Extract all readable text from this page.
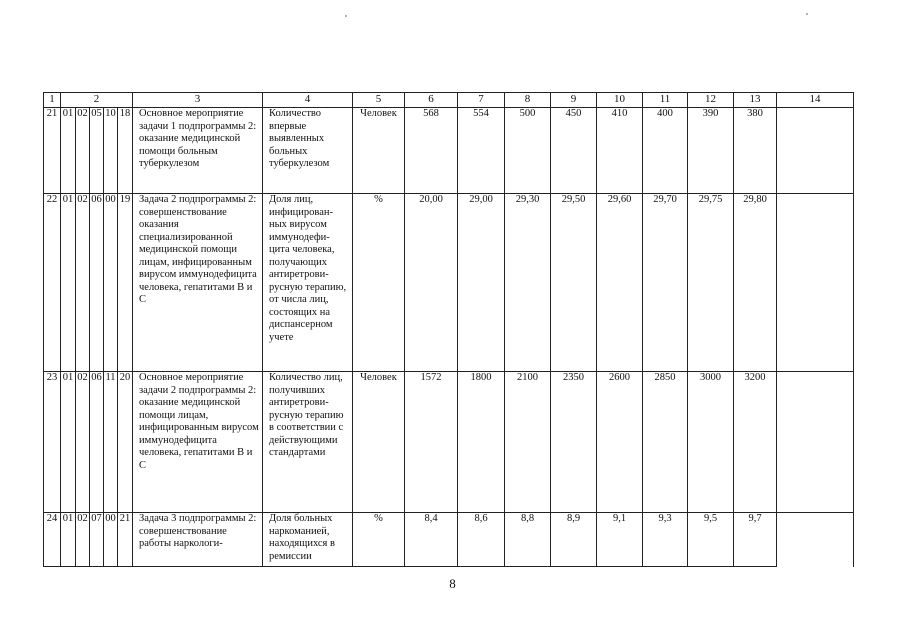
1	2					3	4	5	6	7	8	9	10	11	12	13	14
21	01	02	05	10	18	Основное мероприятие задачи 1 подпрограммы 2: оказание медицинской помощи больным туберкулезом	Количество впервые выявленных больных туберкулезом	Человек	568	554	500	450	410	400	390	380	
22	01	02	06	00	19	Задача 2 подпрограммы 2: совершенствование оказания специализированной медицинской помощи лицам, инфицированным вирусом иммунодефицита человека, гепатитами В и С	Доля лиц, инфицирован-ных вирусом иммунодефи-цита человека, получающих антиретрови-русную терапию, от числа лиц, состоящих на диспансерном учете	%	20,00	29,00	29,30	29,50	29,60	29,70	29,75	29,80	
23	01	02	06	11	20	Основное мероприятие задачи 2 подпрограммы 2: оказание медицинской помощи лицам, инфицированным вирусом иммунодефицита человека, гепатитами В и С	Количество лиц, получивших антиретрови-русную терапию в соответствии с действующими стандартами	Человек	1572	1800	2100	2350	2600	2850	3000	3200	
24	01	02	07	00	21	Задача 3 подпрограммы 2: совершенствование работы наркологи-	Доля больных наркоманией, находящихся в ремиссии	%	8,4	8,6	8,8	8,9	9,1	9,3	9,5	9,7	
8
